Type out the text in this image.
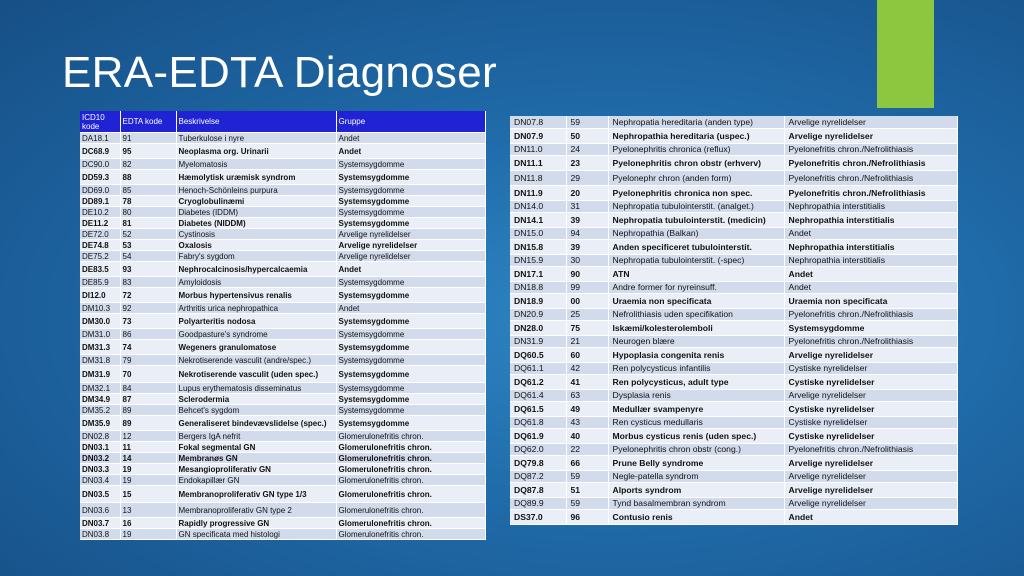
ERA-EDTA Diagnoser
ICD10 kode	EDTA kode	Beskrivelse	Gruppe
DA18.1	91	Tuberkulose i nyre	Andet
DC68.9	95	Neoplasma org. Urinarii	Andet
DC90.0	82	Myelomatosis	Systemsygdomme
DD59.3	88	Hæmolytisk uræmisk syndrom	Systemsygdomme
DD69.0	85	Henoch-Schönleins purpura	Systemsygdomme
DD89.1	78	Cryoglobulinæmi	Systemsygdomme
DE10.2	80	Diabetes (IDDM)	Systemsygdomme
DE11.2	81	Diabetes (NIDDM)	Systemsygdomme
DE72.0	52	Cystinosis	Arvelige nyrelidelser
DE74.8	53	Oxalosis	Arvelige nyrelidelser
DE75.2	54	Fabry's sygdom	Arvelige nyrelidelser
DE83.5	93	Nephrocalcinosis/hypercalcaemia	Andet
DE85.9	83	Amyloidosis	Systemsygdomme
DI12.0	72	Morbus hypertensivus renalis	Systemsygdomme
DM10.3	92	Arthritis urica nephropathica	Andet
DM30.0	73	Polyarteritis nodosa	Systemsygdomme
DM31.0	86	Goodpasture's syndrome	Systemsygdomme
DM31.3	74	Wegeners granulomatose	Systemsygdomme
DM31.8	79	Nekrotiserende vasculit (andre/spec.)	Systemsygdomme
DM31.9	70	Nekrotiserende vasculit (uden spec.)	Systemsygdomme
DM32.1	84	Lupus erythematosis disseminatus	Systemsygdomme
DM34.9	87	Sclerodermia	Systemsygdomme
DM35.2	89	Behcet's sygdom	Systemsygdomme
DM35.9	89	Generaliseret bindevævslidelse (spec.)	Systemsygdomme
DN02.8	12	Bergers IgA nefrit	Glomerulonefritis chron.
DN03.1	11	Fokal segmental GN	Glomerulonefritis chron.
DN03.2	14	Membranøs GN	Glomerulonefritis chron.
DN03.3	19	Mesangioproliferativ GN	Glomerulonefritis chron.
DN03.4	19	Endokapillær GN	Glomerulonefritis chron.
DN03.5	15	Membranoproliferativ GN type 1/3	Glomerulonefritis chron.
DN03.6	13	Membranoproliferativ GN type 2	Glomerulonefritis chron.
DN03.7	16	Rapidly progressive GN	Glomerulonefritis chron.
DN03.8	19	GN specificata med histologi	Glomerulonefritis chron.
DN07.8	59	Nephropatia hereditaria (anden type)	Arvelige nyrelidelser
DN07.9	50	Nephropathia hereditaria (uspec.)	Arvelige nyrelidelser
DN11.0	24	Pyelonephritis chronica (reflux)	Pyelonefritis chron./Nefrolithiasis
DN11.1	23	Pyelonephritis chron obstr (erhverv)	Pyelonefritis chron./Nefrolithiasis
DN11.8	29	Pyelonephr chron (anden form)	Pyelonefritis chron./Nefrolithiasis
DN11.9	20	Pyelonephritis chronica non spec.	Pyelonefritis chron./Nefrolithiasis
DN14.0	31	Nephropatia tubulointerstit. (analget.)	Nephropathia interstitialis
DN14.1	39	Nephropatia tubulointerstit. (medicin)	Nephropathia interstitialis
DN15.0	94	Nephropathia (Balkan)	Andet
DN15.8	39	Anden specificeret tubulointerstit.	Nephropathia interstitialis
DN15.9	30	Nephropatia tubulointerstit. (-spec)	Nephropathia interstitialis
DN17.1	90	ATN	Andet
DN18.8	99	Andre former for nyreinsuff.	Andet
DN18.9	00	Uraemia non specificata	Uraemia non specificata
DN20.9	25	Nefrolithiasis uden specifikation	Pyelonefritis chron./Nefrolithiasis
DN28.0	75	Iskæmi/kolesterolemboli	Systemsygdomme
DN31.9	21	Neurogen blære	Pyelonefritis chron./Nefrolithiasis
DQ60.5	60	Hypoplasia congenita renis	Arvelige nyrelidelser
DQ61.1	42	Ren polycysticus infantilis	Cystiske nyrelidelser
DQ61.2	41	Ren polycysticus, adult type	Cystiske nyrelidelser
DQ61.4	63	Dysplasia renis	Arvelige nyrelidelser
DQ61.5	49	Medullær svampenyre	Cystiske nyrelidelser
DQ61.8	43	Ren cysticus medullaris	Cystiske nyrelidelser
DQ61.9	40	Morbus cysticus renis (uden spec.)	Cystiske nyrelidelser
DQ62.0	22	Pyelonephritis chron obstr (cong.)	Pyelonefritis chron./Nefrolithiasis
DQ79.8	66	Prune Belly syndrome	Arvelige nyrelidelser
DQ87.2	59	Negle-patella syndrom	Arvelige nyrelidelser
DQ87.8	51	Alports syndrom	Arvelige nyrelidelser
DQ89.9	59	Tynd basalmembran syndrom	Arvelige nyrelidelser
DS37.0	96	Contusio renis	Andet
